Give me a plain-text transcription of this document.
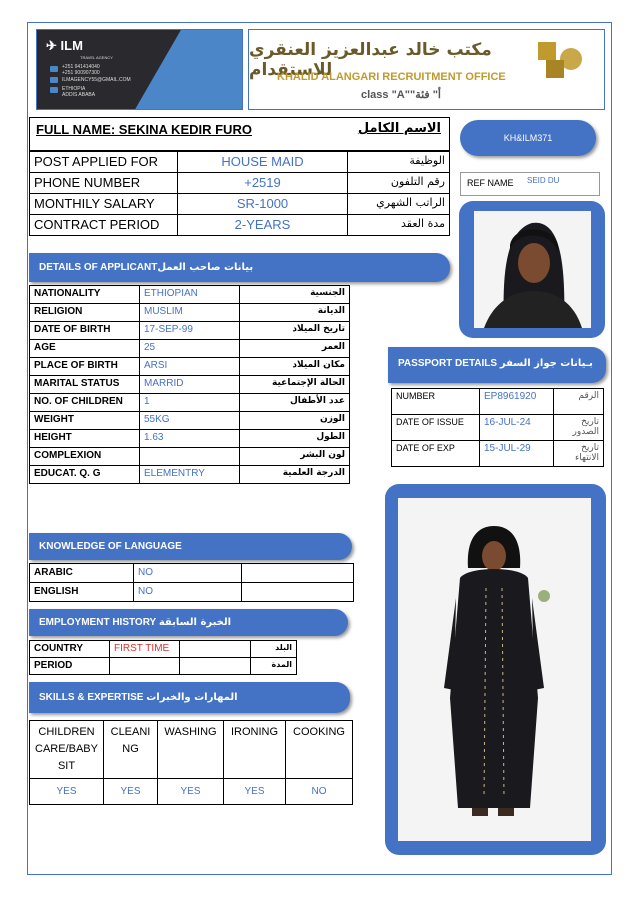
✈ ILM
TRAVEL AGENCY
+251 941414040
+251 900907300
ILMAGENCY55@GMAIL.COM
ETHIOPIA
ADDIS ABABA
مكتب خالد عبدالعزيز العنقري للاستقدام
KHALID ALANGARI RECRUITMENT OFFICE
class "A""أ" فئة
FULL NAME: SEKINA KEDIR FURO	الاسم الكامل
KH&ILM371
POST APPLIED FOR	HOUSE MAID	الوظيفة
PHONE NUMBER	+2519	رقم التلفون
MONTHILY SALARY	SR-1000	الراتب الشهري
CONTRACT PERIOD	2-YEARS	مدة العقد
REF NAME SEID DU
DETAILS OF APPLICANTبيانات صاحب العمل
NATIONALITY	ETHIOPIAN	الجنسية
RELIGION	MUSLIM	الديانة
DATE OF BIRTH	17-SEP-99	تاريخ الميلاد
AGE	25	العمر
PLACE OF BIRTH	ARSI	مكان الميلاد
MARITAL STATUS	MARRID	الحالة الإجتماعية
NO. OF CHILDREN	1	عدد الأطفال
WEIGHT	55KG	الوزن
HEIGHT	1.63	الطول
COMPLEXION		لون البشر
EDUCAT. Q. G	ELEMENTRY	الدرجة العلمية
PASSPORT DETAILS بـيانات جواز السفر
NUMBER	EP8961920	الرقم
DATE OF ISSUE	16-JUL-24	تاريخ الصدور
DATE OF EXP	15-JUL-29	تاريخ الانتهاء
KNOWLEDGE OF LANGUAGE
ARABIC	NO	
ENGLISH	NO	
EMPLOYMENT HISTORY الخبرة السابقة
COUNTRY	FIRST TIME		البلد
PERIOD			المدة
SKILLS & EXPERTISE المهارات والخبرات
CHILDREN CARE/BABYSIT	CLEANING	WASHING	IRONING	COOKING
YES	YES	YES	YES	NO
